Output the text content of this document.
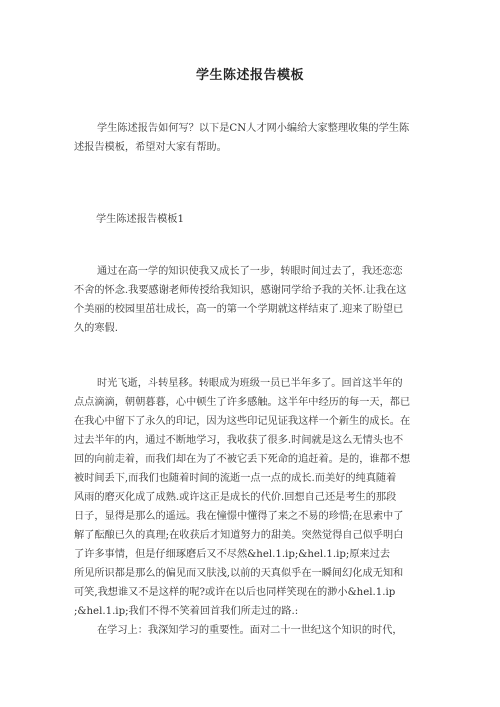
学生陈述报告模板
学生陈述报告如何写？以下是CN人才网小编给大家整理收集的学生陈
述报告模板，希望对大家有帮助。
学生陈述报告模板1
通过在高一学的知识使我又成长了一步，转眼时间过去了，我还恋恋
不舍的怀念.我要感谢老师传授给我知识，感谢同学给予我的关怀.让我在这
个美丽的校园里茁壮成长，高一的第一个学期就这样结束了.迎来了盼望已
久的寒假.
时光飞逝，斗转星移。转眼成为班级一员已半年多了。回首这半年的
点点滴滴，朝朝暮暮，心中顿生了许多感触。这半年中经历的每一天，都已
在我心中留下了永久的印记，因为这些印记见证我这样一个新生的成长。在
过去半年的内，通过不断地学习，我收获了很多.时间就是这么无情头也不
回的向前走着，而我们却在为了不被它丢下死命的追赶着。是的，谁都不想
被时间丢下,而我们也随着时间的流逝一点一点的成长.而美好的纯真随着
风雨的磨灭化成了成熟.或许这正是成长的代价.回想自己还是考生的那段
日子，显得是那么的遥远。我在憧憬中懂得了来之不易的珍惜;在思索中了
解了酝酿已久的真理;在收获后才知道努力的甜美。突然觉得自己似乎明白
了许多事情，但是仔细琢磨后又不尽然&hel.1.ip;&hel.1.ip;原来过去
所见所识都是那么的偏见而又肤浅,以前的天真似乎在一瞬间幻化成无知和
可笑,我想谁又不是这样的呢?或许在以后也同样笑现在的渺小&hel.1.ip
;&hel.1.ip;我们不得不笑着回首我们所走过的路.:
在学习上：我深知学习的重要性。面对二十一世纪这个知识的时代，
